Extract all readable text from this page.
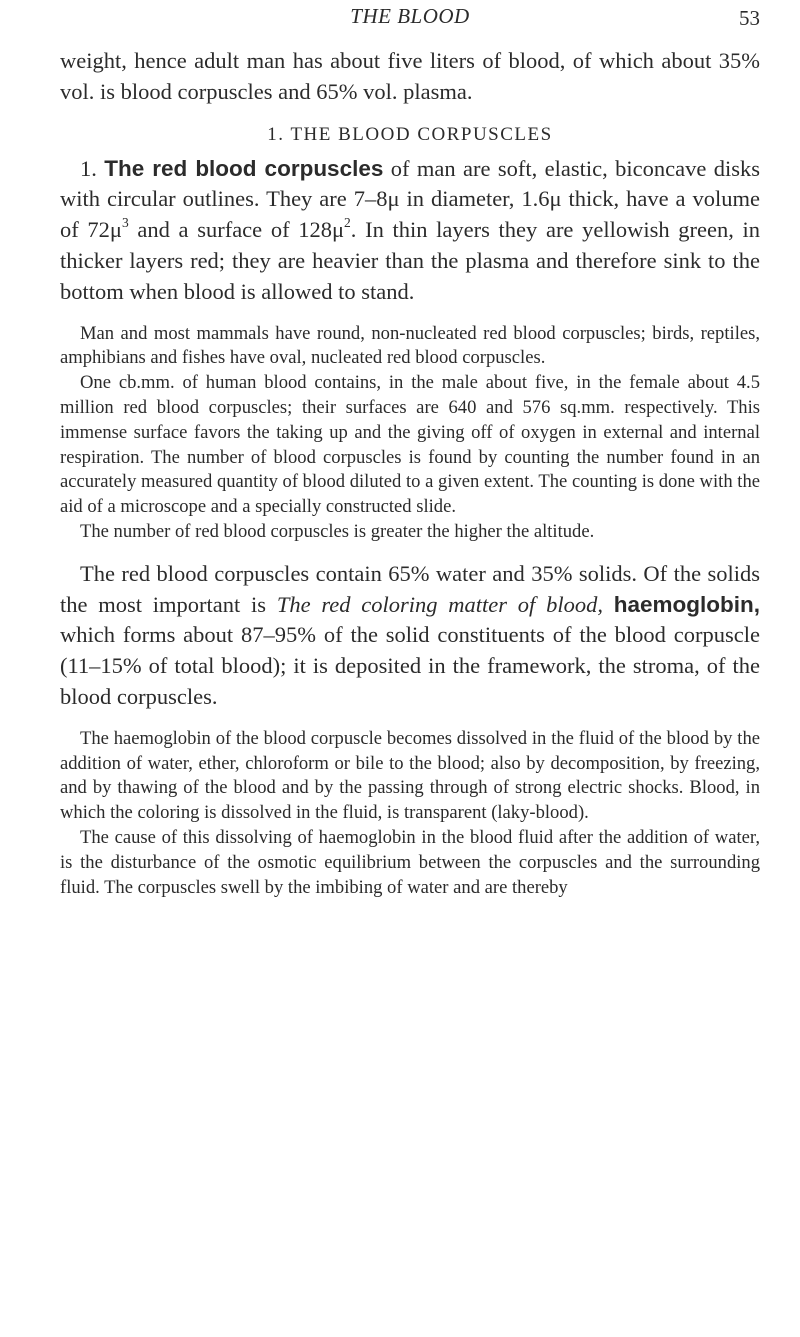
THE BLOOD	53

weight, hence adult man has about five liters of blood, of which about 35% vol. is blood corpuscles and 65% vol. plasma.

1. THE BLOOD CORPUSCLES

1. The red blood corpuscles of man are soft, elastic, biconcave disks with circular outlines. They are 7–8μ in diameter, 1.6μ thick, have a volume of $72\mu^3$ and a surface of $128\mu^2$. In thin layers they are yellowish green, in thicker layers red; they are heavier than the plasma and therefore sink to the bottom when blood is allowed to stand.

Man and most mammals have round, non-nucleated red blood corpuscles; birds, reptiles, amphibians and fishes have oval, nucleated red blood corpuscles.

One cb.mm. of human blood contains, in the male about five, in the female about 4.5 million red blood corpuscles; their surfaces are 640 and 576 sq.mm. respectively. This immense surface favors the taking up and the giving off of oxygen in external and internal respiration. The number of blood corpuscles is found by counting the number found in an accurately measured quantity of blood diluted to a given extent. The counting is done with the aid of a microscope and a specially constructed slide.

The number of red blood corpuscles is greater the higher the altitude.

The red blood corpuscles contain 65% water and 35% solids. Of the solids the most important is The red coloring matter of blood, haemoglobin, which forms about 87–95% of the solid constituents of the blood corpuscle (11–15% of total blood); it is deposited in the framework, the stroma, of the blood corpuscles.

The haemoglobin of the blood corpuscle becomes dissolved in the fluid of the blood by the addition of water, ether, chloroform or bile to the blood; also by decomposition, by freezing, and by thawing of the blood and by the passing through of strong electric shocks. Blood, in which the coloring is dissolved in the fluid, is transparent (laky-blood).

The cause of this dissolving of haemoglobin in the blood fluid after the addition of water, is the disturbance of the osmotic equilibrium between the corpuscles and the surrounding fluid. The corpuscles swell by the imbibing of water and are thereby
